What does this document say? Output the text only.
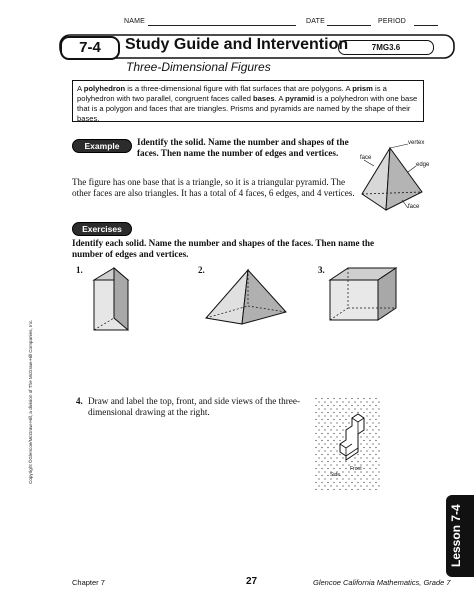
NAME	DATE	PERIOD
7-4	Study Guide and Intervention	7MG3.6
Three-Dimensional Figures
A polyhedron is a three-dimensional figure with flat surfaces that are polygons. A prism is a polyhedron with two parallel, congruent faces called bases. A pyramid is a polyhedron with one base that is a polygon and faces that are triangles. Prisms and pyramids are named by the shape of their bases.
Example	Identify the solid. Name the number and shapes of the faces. Then name the number of edges and vertices.
The figure has one base that is a triangle, so it is a triangular pyramid. The other faces are also triangles. It has a total of 4 faces, 6 edges, and 4 vertices.
vertex
face
edge
face
Exercises
Identify each solid. Name the number and shapes of the faces. Then name the number of edges and vertices.
1.	2.	3.
4. Draw and label the top, front, and side views of the three-dimensional drawing at the right.
Front
Side
Copyright ©Glencoe/McGraw-Hill, a division of The McGraw-Hill Companies, Inc.
Lesson 7-4
Chapter 7	27	Glencoe California Mathematics, Grade 7
